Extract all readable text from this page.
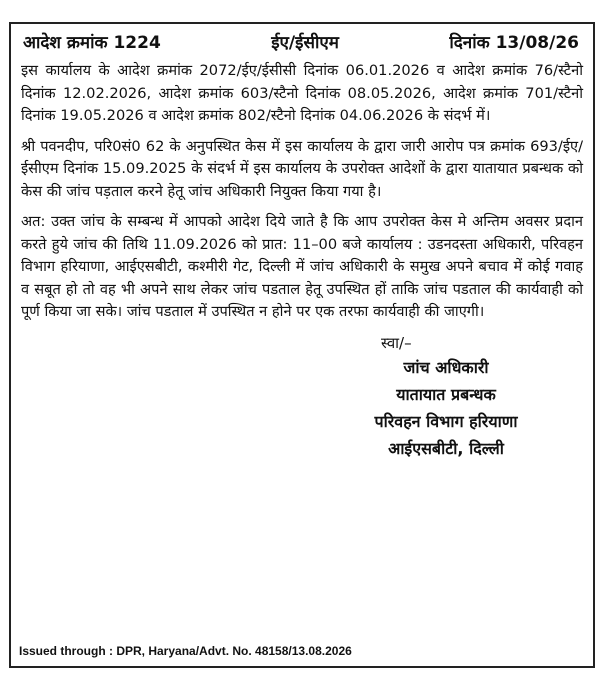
आदेश क्रमांक 1224	ईए/ईसीएम	दिनांक 13/08/26

इस कार्यालय के आदेश क्रमांक 2072/ईए/ईसीसी दिनांक 06.01.2026 व आदेश क्रमांक 76/स्टैनो दिनांक 12.02.2026, आदेश क्रमांक 603/स्टैनो दिनांक 08.05.2026, आदेश क्रमांक 701/स्टैनो दिनांक 19.05.2026 व आदेश क्रमांक 802/स्टैनो दिनांक 04.06.2026 के संदर्भ में।

श्री पवनदीप, परि0सं0 62 के अनुपस्थित केस में इस कार्यालय के द्वारा जारी आरोप पत्र क्रमांक 693/ईए/ईसीएम दिनांक 15.09.2025 के संदर्भ में इस कार्यालय के उपरोक्त आदेशों के द्वारा यातायात प्रबन्धक को केस की जांच पड़ताल करने हेतू जांच अधिकारी नियुक्त किया गया है।

अत: उक्त जांच के सम्बन्ध में आपको आदेश दिये जाते है कि आप उपरोक्त केस मे अन्तिम अवसर प्रदान करते हुये जांच की तिथि 11.09.2026 को प्रात: 11–00 बजे कार्यालय : उडनदस्ता अधिकारी, परिवहन विभाग हरियाणा, आईएसबीटी, कश्मीरी गेट, दिल्ली में जांच अधिकारी के समुख अपने बचाव में कोई गवाह व सबूत हो तो वह भी अपने साथ लेकर जांच पडताल हेतू उपस्थित हों ताकि जांच पडताल की कार्यवाही को पूर्ण किया जा सके। जांच पडताल में उपस्थित न होने पर एक तरफा कार्यवाही की जाएगी।

स्वा/–
जांच अधिकारी
यातायात प्रबन्धक
परिवहन विभाग हरियाणा
आईएसबीटी, दिल्ली
Issued through : DPR, Haryana/Advt. No. 48158/13.08.2026
